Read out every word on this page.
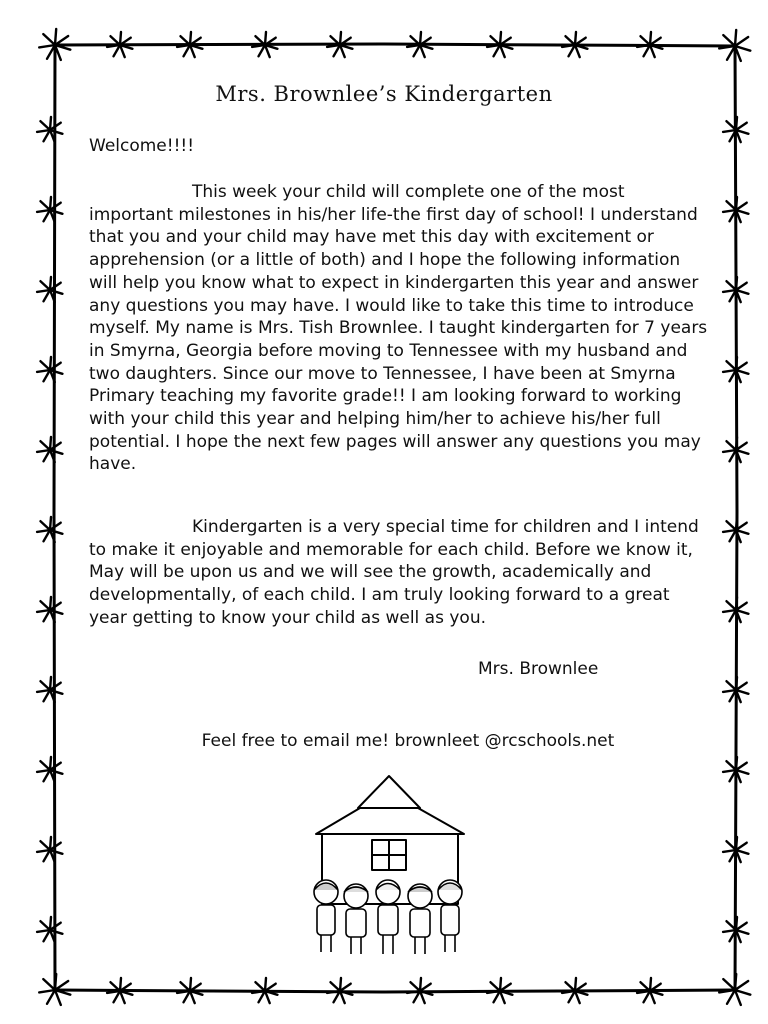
Mrs. Brownlee’s Kindergarten

Welcome!!!!

This week your child will complete one of the most important milestones in his/her life-the first day of school! I understand that you and your child may have met this day with excitement or apprehension (or a little of both) and I hope the following information will help you know what to expect in kindergarten this year and answer any questions you may have. I would like to take this time to introduce myself. My name is Mrs. Tish Brownlee. I taught kindergarten for 7 years in Smyrna, Georgia before moving to Tennessee with my husband and two daughters. Since our move to Tennessee, I have been at Smyrna Primary teaching my favorite grade!! I am looking forward to working with your child this year and helping him/her to achieve his/her full potential. I hope the next few pages will answer any questions you may have.

Kindergarten is a very special time for children and I intend to make it enjoyable and memorable for each child. Before we know it, May will be upon us and we will see the growth, academically and developmentally, of each child. I am truly looking forward to a great year getting to know your child as well as you.

Mrs. Brownlee

Feel free to email me! brownleet @rcschools.net
